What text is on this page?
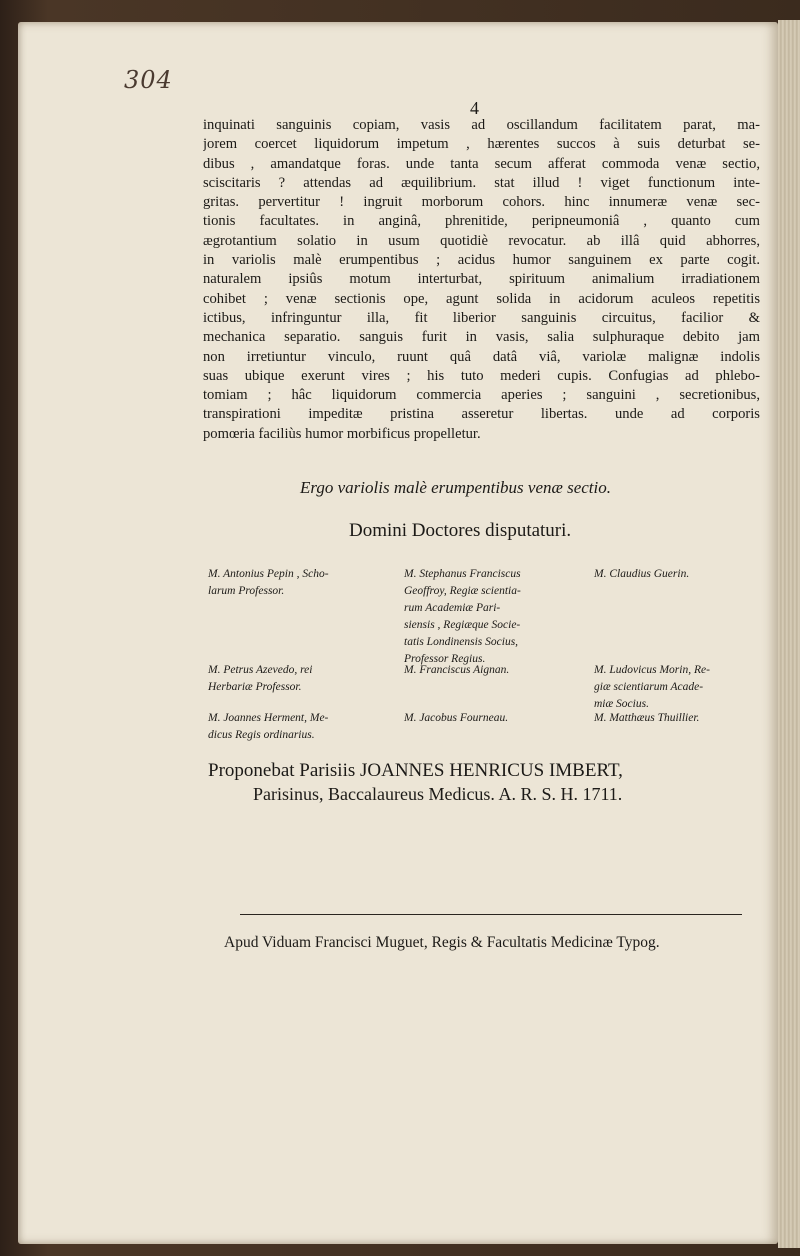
304
4
inquinati sanguinis copiam, vasis ad oscillandum facilitatem parat, ma-
jorem coercet liquidorum impetum , hærentes succos à suis deturbat se-
dibus , amandatque foras. unde tanta secum afferat commoda venæ sectio,
sciscitaris ? attendas ad æquilibrium. stat illud ! viget functionum inte-
gritas. pervertitur ! ingruit morborum cohors. hinc innumeræ venæ sec-
tionis facultates. in anginâ, phrenitide, peripneumoniâ , quanto cum
ægrotantium solatio in usum quotidiè revocatur. ab illâ quid abhorres,
in variolis malè erumpentibus ; acidus humor sanguinem ex parte cogit.
naturalem ipsiûs motum interturbat, spirituum animalium irradiationem
cohibet ; venæ sectionis ope, agunt solida in acidorum aculeos repetitis
ictibus, infringuntur illa, fit liberior sanguinis circuitus, facilior &
mechanica separatio. sanguis furit in vasis, salia sulphuraque debito jam
non irretiuntur vinculo, ruunt quâ datâ viâ, variolæ malignæ indolis
suas ubique exerunt vires ; his tuto mederi cupis. Confugias ad phlebo-
tomiam ; hâc liquidorum commercia aperies ; sanguini , secretionibus,
transpirationi impeditæ pristina asseretur libertas. unde ad corporis
pomœria faciliùs humor morbificus propelletur.
Ergo variolis malè erumpentibus venæ sectio.
Domini Doctores disputaturi.
M. Antonius Pepin , Scho-
larum Professor.
M. Stephanus Franciscus
Geoffroy, Regiæ scientia-
rum Academiæ Pari-
siensis , Regiæque Socie-
tatis Londinensis Socius,
Professor Regius.
M. Claudius Guerin.
M. Petrus Azevedo, rei
Herbariæ Professor.
M. Franciscus Aignan.	M. Ludovicus Morin, Re-
giæ scientiarum Acade-
miæ Socius.
M. Joannes Herment, Me-
dicus Regis ordinarius.
M. Jacobus Fourneau.	M. Matthæus Thuillier.
Proponebat Parisiis JOANNES HENRICUS IMBERT,
Parisinus, Baccalaureus Medicus. A. R. S. H. 1711.
Apud Viduam Francisci Muguet, Regis & Facultatis Medicinæ Typog.
